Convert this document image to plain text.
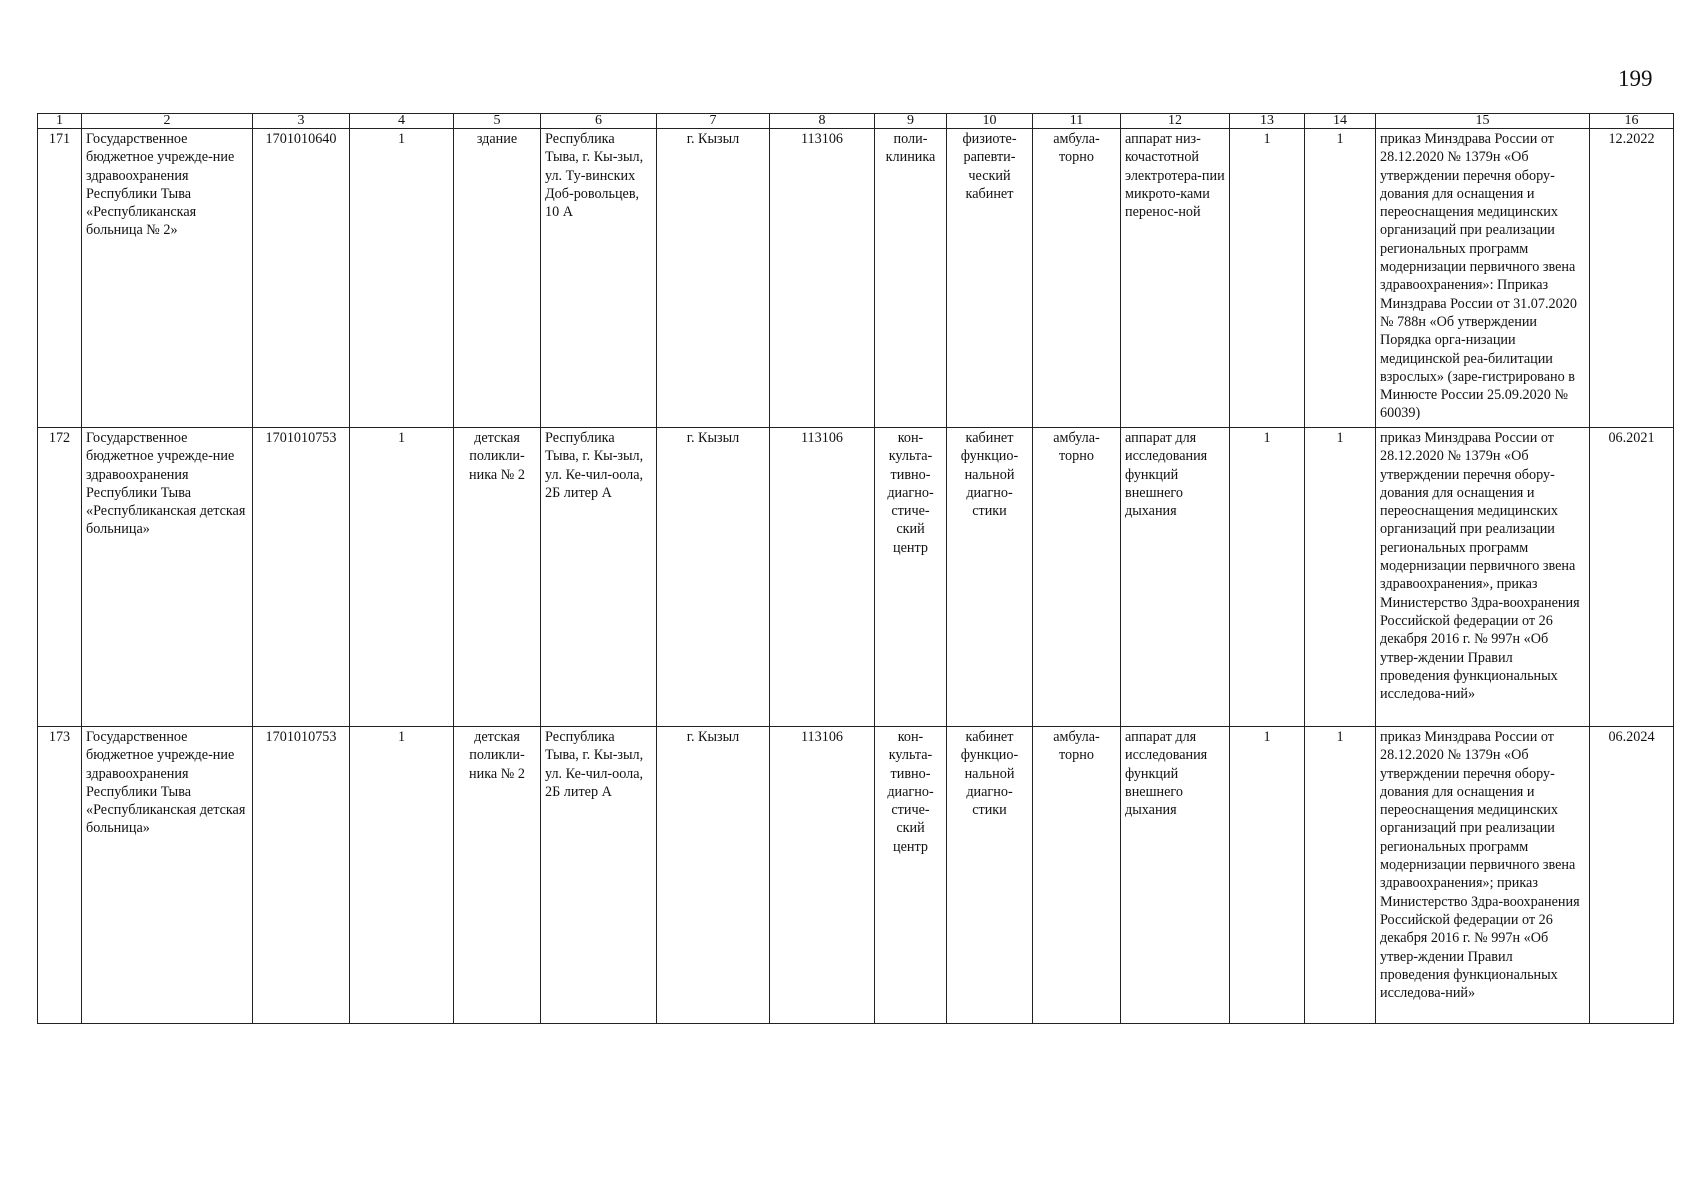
199
1	2	3	4	5	6	7	8	9	10	11	12	13	14	15	16
171	Государственное бюджетное учрежде-ние здравоохранения Республики Тыва «Республиканская больница № 2»	1701010640	1	здание	Республика Тыва, г. Кы-зыл, ул. Ту-винских Доб-ровольцев, 10 А	г. Кызыл	113106	поли-клиника	физиоте-рапевти-ческий кабинет	амбула-торно	аппарат низ-кочастотной электротера-пии микрото-ками перенос-ной	1	1	приказ Минздрава России от 28.12.2020 № 1379н «Об утверждении перечня обору-дования для оснащения и переоснащения медицинских организаций при реализации региональных программ модернизации первичного звена здравоохранения»: Пприказ Минздрава России от 31.07.2020 № 788н «Об утверждении Порядка орга-низации медицинской реа-билитации взрослых» (заре-гистрировано в Минюсте России 25.09.2020 № 60039)	12.2022
172	Государственное бюджетное учрежде-ние здравоохранения Республики Тыва «Республиканская детская больница»	1701010753	1	детская поликли-ника № 2	Республика Тыва, г. Кы-зыл, ул. Ке-чил-оола, 2Б литер А	г. Кызыл	113106	кон-культа-тивно-диагно-стиче-ский центр	кабинет функцио-нальной диагно-стики	амбула-торно	аппарат для исследования функций внешнего дыхания	1	1	приказ Минздрава России от 28.12.2020 № 1379н «Об утверждении перечня обору-дования для оснащения и переоснащения медицинских организаций при реализации региональных программ модернизации первичного звена здравоохранения», приказ Министерство Здра-воохранения Российской федерации от 26 декабря 2016 г. № 997н «Об утвер-ждении Правил проведения функциональных исследова-ний»	06.2021
173	Государственное бюджетное учрежде-ние здравоохранения Республики Тыва «Республиканская детская больница»	1701010753	1	детская поликли-ника № 2	Республика Тыва, г. Кы-зыл, ул. Ке-чил-оола, 2Б литер А	г. Кызыл	113106	кон-культа-тивно-диагно-стиче-ский центр	кабинет функцио-нальной диагно-стики	амбула-торно	аппарат для исследования функций внешнего дыхания	1	1	приказ Минздрава России от 28.12.2020 № 1379н «Об утверждении перечня обору-дования для оснащения и переоснащения медицинских организаций при реализации региональных программ модернизации первичного звена здравоохранения»; приказ Министерство Здра-воохранения Российской федерации от 26 декабря 2016 г. № 997н «Об утвер-ждении Правил проведения функциональных исследова-ний»	06.2024
